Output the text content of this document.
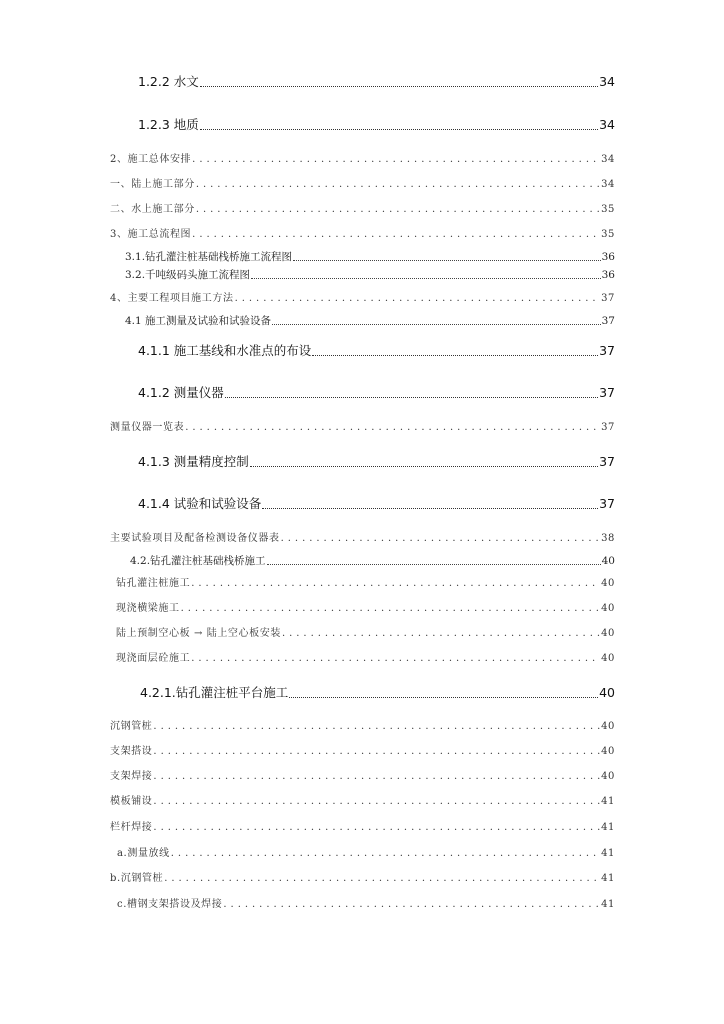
1.2.2 水文	34
1.2.3 地质	34
2、施工总体安排 . . .	34
一、陆上施工部分 . . .	34
二、水上施工部分 . . .	35
3、施工总流程图 . . .	35
3.1.钻孔灌注桩基础栈桥施工流程图	36
3.2.千吨级码头施工流程图	36
4、主要工程项目施工方法 . . .	37
4.1 施工测量及试验和试验设备	37
4.1.1 施工基线和水准点的布设	37
4.1.2 测量仪器	37
测量仪器一览表 . . .	37
4.1.3 测量精度控制	37
4.1.4 试验和试验设备	37
主要试验项目及配备检测设备仪器表 . . .	38
4.2.钻孔灌注桩基础栈桥施工	40
钻孔灌注桩施工 . . .	40
现浇横梁施工 . . .	40
陆上预制空心板 → 陆上空心板安装 . . .	40
现浇面层砼施工 . . .	40
4.2.1.钻孔灌注桩平台施工	40
沉钢管桩 . . .	40
支架搭设 . . .	40
支架焊接 . . .	40
模板铺设 . . .	41
栏杆焊接 . . .	41
a.测量放线 . . .	41
b.沉钢管桩 . . .	41
c.槽钢支架搭设及焊接 . . .	41
